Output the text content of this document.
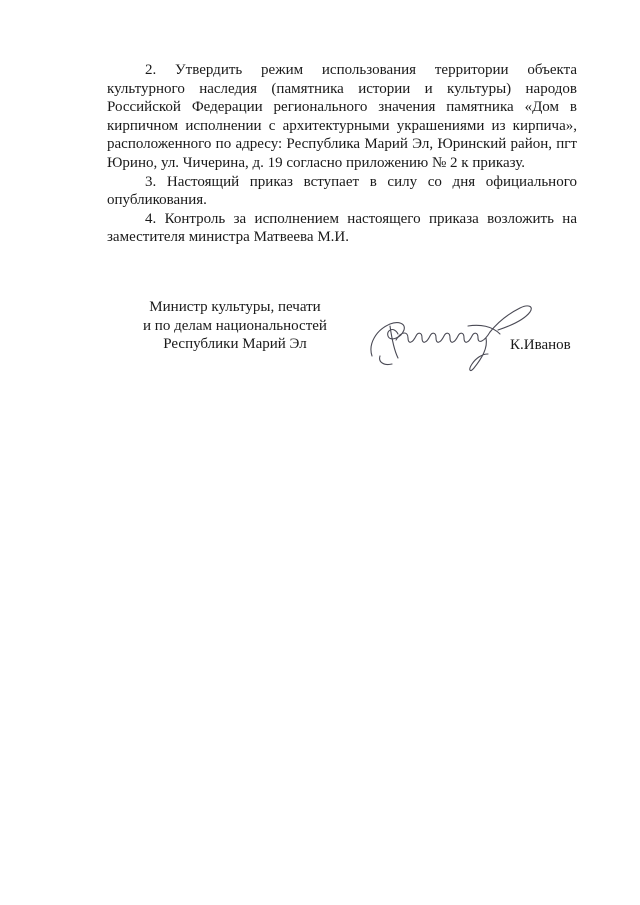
2. Утвердить режим использования территории объекта культурного наследия (памятника истории и культуры) народов Российской Федерации регионального значения памятника «Дом в кирпичном исполнении с архитектурными украшениями из кирпича», расположенного по адресу: Республика Марий Эл, Юринский район, пгт Юрино, ул. Чичерина, д. 19 согласно приложению № 2 к приказу.

3. Настоящий приказ вступает в силу со дня официального опубликования.

4. Контроль за исполнением настоящего приказа возложить на заместителя министра Матвеева М.И.

Министр культуры, печати
и по делам национальностей
Республики Марий Эл	К.Иванов
